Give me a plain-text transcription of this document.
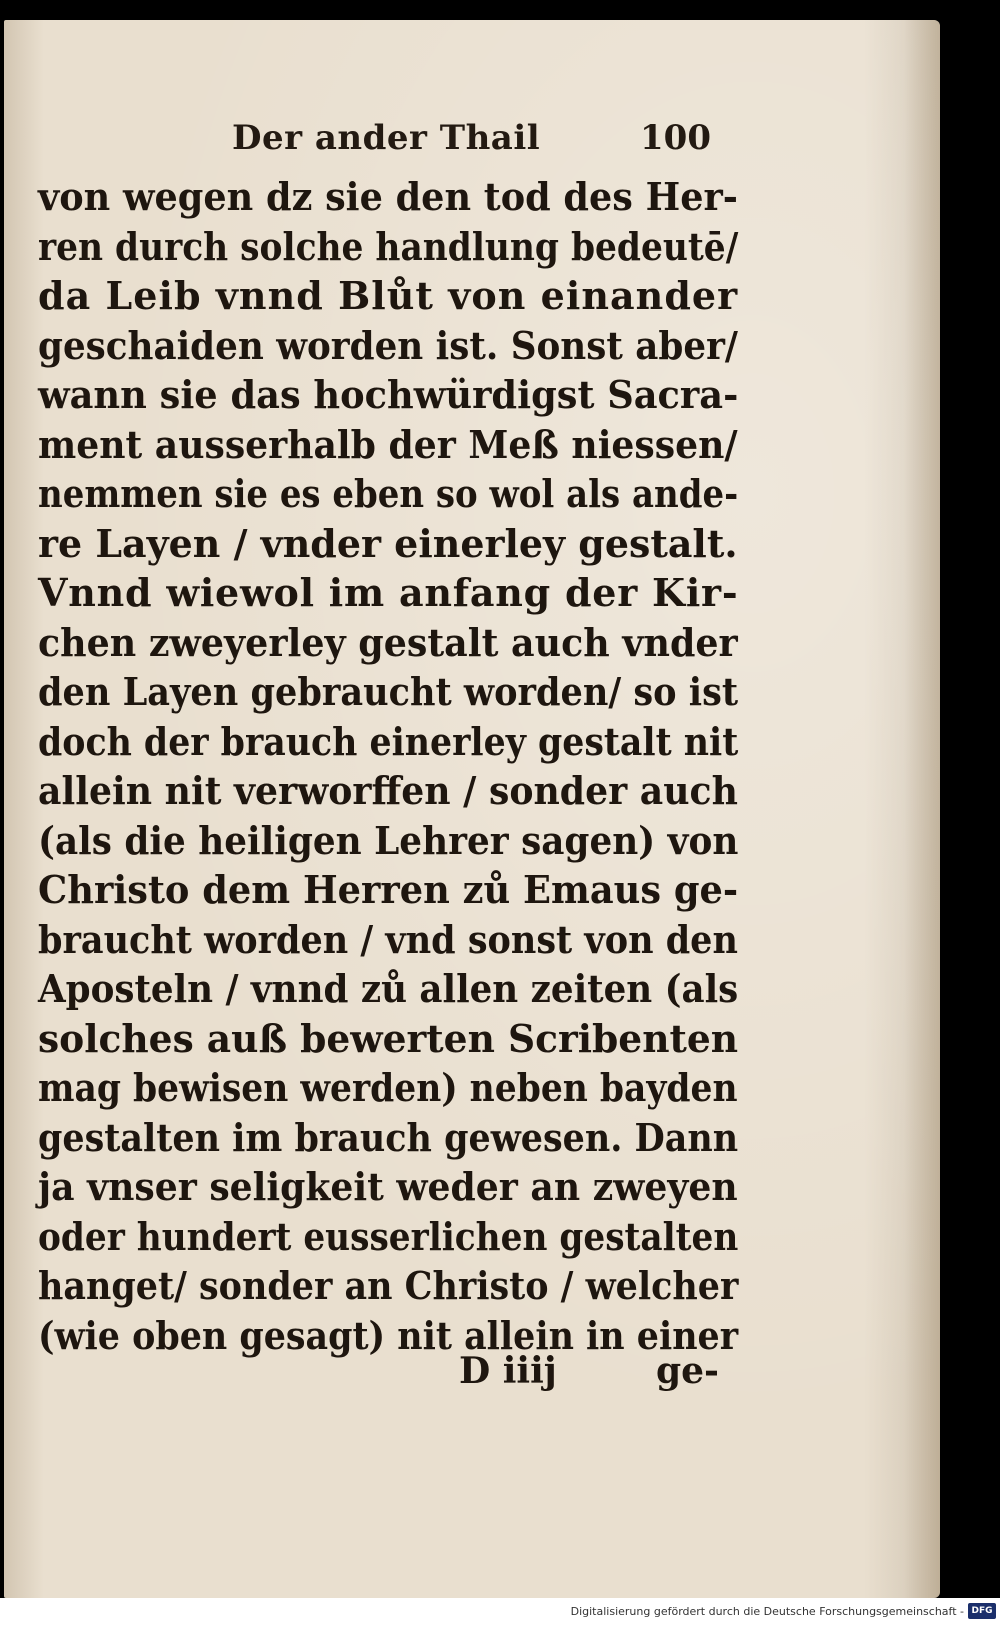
Der ander Thail	100
von wegen dz sie den tod des Her-
ren durch solche handlung bedeutē/
da Leib vnnd Blůt von einander
geschaiden worden ist. Sonst aber/
wann sie das hochwürdigst Sacra-
ment ausserhalb der Meß niessen/
nemmen sie es eben so wol als ande-
re Layen / vnder einerley gestalt.
Vnnd wiewol im anfang der Kir-
chen zweyerley gestalt auch vnder
den Layen gebraucht worden/ so ist
doch der brauch einerley gestalt nit
allein nit verworffen / sonder auch
(als die heiligen Lehrer sagen) von
Christo dem Herren zů Emaus ge-
braucht worden / vnd sonst von den
Aposteln / vnnd zů allen zeiten (als
solches auß bewerten Scribenten
mag bewisen werden) neben bayden
gestalten im brauch gewesen. Dann
ja vnser seligkeit weder an zweyen
oder hundert eusserlichen gestalten
hanget/ sonder an Christo / welcher
(wie oben gesagt) nit allein in einer
D iiij	ge-
Digitalisierung gefördert durch die Deutsche Forschungsgemeinschaft - DFG
